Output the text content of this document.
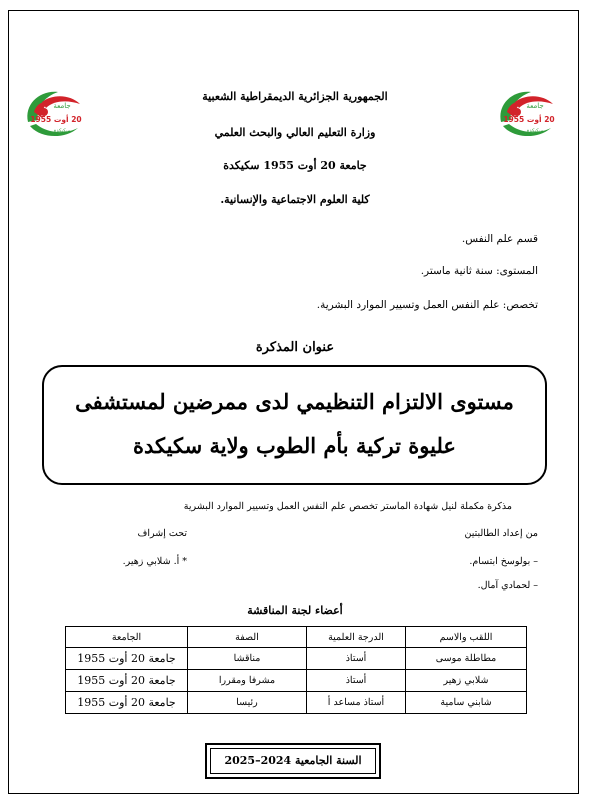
جامعة
20 أوت 1955
سكيكدة
جامعة
20 أوت 1955
سكيكدة
الجمهورية الجزائرية الديمقراطية الشعبية
وزارة التعليم العالي والبحث العلمي
جامعة 20 أوت 1955 سكيكدة
كلية العلوم الاجتماعية والإنسانية.
قسم علم النفس.
المستوى: سنة ثانية ماستر.
تخصص: علم النفس العمل وتسيير الموارد البشرية.
عنوان المذكرة
مستوى الالتزام التنظيمي لدى ممرضين لمستشفى
عليوة تركية بأم الطوب ولاية سكيكدة
مذكرة مكملة لنيل شهادة الماستر تخصص علم النفس العمل وتسيير الموارد البشرية
من إعداد الطالبتين
تحت إشراف
– بولوسخ ابتسام.
* أ. شلابي زهير.
– لحمادي آمال.
أعضاء لجنة المناقشة
اللقب والاسم	الدرجة العلمية	الصفة	الجامعة
مطاطلة موسى	أستاذ	مناقشا	جامعة 20 أوت 1955
شلابي زهير	أستاذ	مشرفا ومقررا	جامعة 20 أوت 1955
شابني سامية	أستاذ مساعد أ	رئيسا	جامعة 20 أوت 1955
السنة الجامعية 2024–2025
